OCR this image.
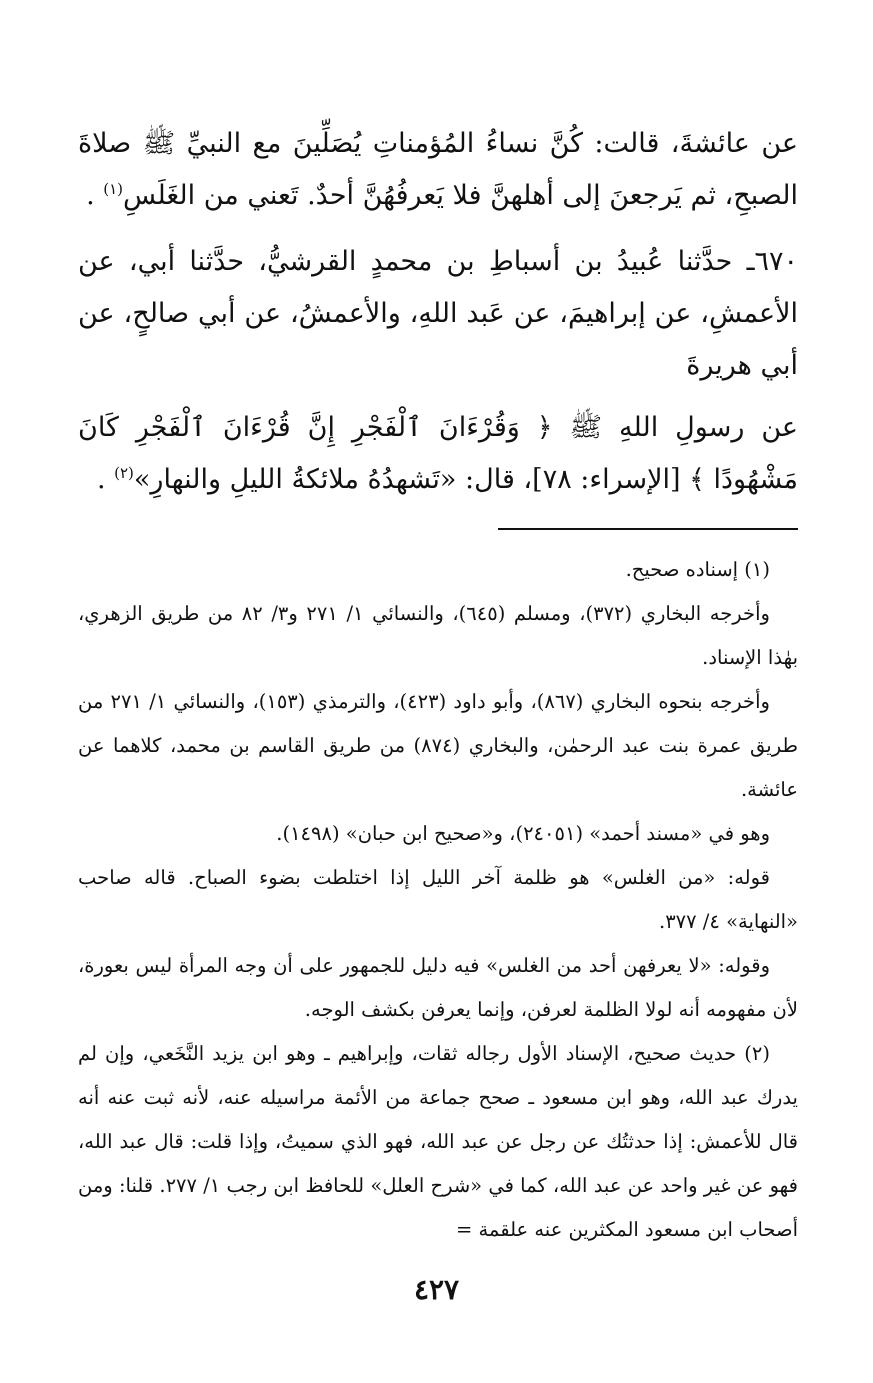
عن عائشةَ، قالت: كُنَّ نساءُ المُؤمناتِ يُصَلِّينَ مع النبيِّ ﷺ صلاةَ الصبحِ، ثم يَرجعنَ إلى أهلهنَّ فلا يَعرفُهُنَّ أحدٌ. تَعني من الغَلَسِ$^{(١)}$ .

٦٧٠ـ حدَّثنا عُبيدُ بن أسباطِ بن محمدٍ القرشيُّ، حدَّثنا أبي، عن الأعمشِ، عن إبراهيمَ، عن عَبد اللهِ، والأعمشُ، عن أبي صالحٍ، عن أبي هريرةَ

عن رسولِ اللهِ ﷺ ﴿ وَقُرْءَانَ ٱلْفَجْرِ إِنَّ قُرْءَانَ ٱلْفَجْرِ كَانَ مَشْهُودًا ﴾ [الإسراء: ٧٨]، قال: «تَشهدُهُ ملائكةُ الليلِ والنهارِ»$^{(٢)}$ .

(١) إسناده صحيح.

وأخرجه البخاري (٣٧٢)، ومسلم (٦٤٥)، والنسائي ١/ ٢٧١ و٣/ ٨٢ من طريق الزهري، بهٰذا الإسناد.

وأخرجه بنحوه البخاري (٨٦٧)، وأبو داود (٤٢٣)، والترمذي (١٥٣)، والنسائي ١/ ٢٧١ من طريق عمرة بنت عبد الرحمٰن، والبخاري (٨٧٤) من طريق القاسم بن محمد، كلاهما عن عائشة.

وهو في «مسند أحمد» (٢٤٠٥١)، و«صحيح ابن حبان» (١٤٩٨).

قوله: «من الغلس» هو ظلمة آخر الليل إذا اختلطت بضوء الصباح. قاله صاحب «النهاية» ٤/ ٣٧٧.

وقوله: «لا يعرفهن أحد من الغلس» فيه دليل للجمهور على أن وجه المرأة ليس بعورة، لأن مفهومه أنه لولا الظلمة لعرفن، وإنما يعرفن بكشف الوجه.

(٢) حديث صحيح، الإسناد الأول رجاله ثقات، وإبراهيم ـ وهو ابن يزيد النَّخَعي، وإن لم يدرك عبد الله، وهو ابن مسعود ـ صحح جماعة من الأئمة مراسيله عنه، لأنه ثبت عنه أنه قال للأعمش: إذا حدثتُك عن رجل عن عبد الله، فهو الذي سميتُ، وإذا قلت: قال عبد الله، فهو عن غير واحد عن عبد الله، كما في «شرح العلل» للحافظ ابن رجب ١/ ٢٧٧. قلنا: ومن أصحاب ابن مسعود المكثرين عنه علقمة =

٤٢٧
